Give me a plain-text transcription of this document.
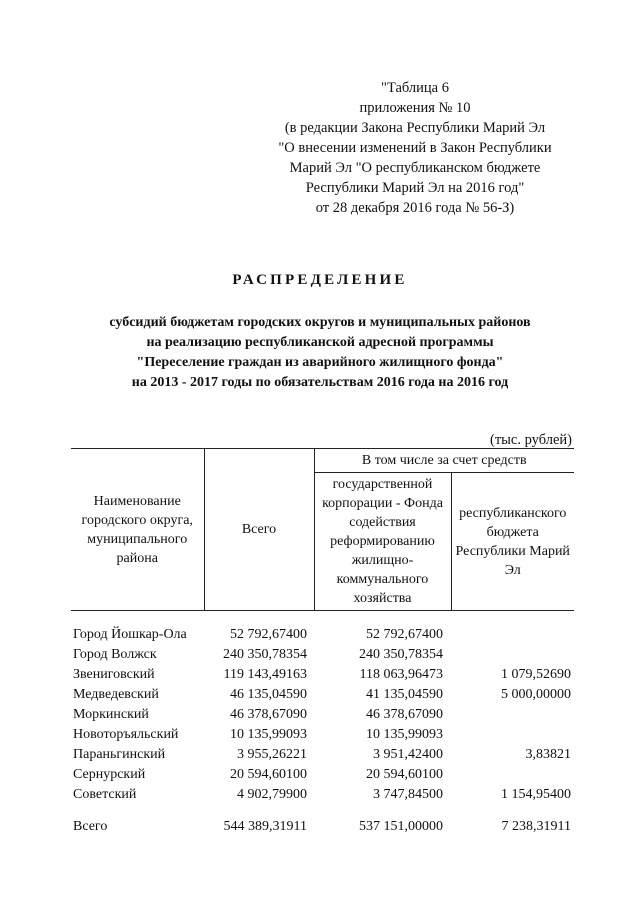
"Таблица 6
приложения № 10
(в редакции Закона Республики Марий Эл
"О внесении изменений в Закон Республики
Марий Эл "О республиканском бюджете
Республики Марий Эл на 2016 год"
от 28 декабря 2016 года № 56-З)
РАСПРЕДЕЛЕНИЕ
субсидий бюджетам городских округов и муниципальных районов
на реализацию республиканской адресной программы
"Переселение граждан из аварийного жилищного фонда"
на 2013 - 2017 годы по обязательствам 2016 года на 2016 год
(тыс. рублей)
Наименование городского округа, муниципального района	Всего	В том числе за счет средств	
		государственной корпорации - Фонда содействия реформированию жилищно-коммунального хозяйства	республиканского бюджета Республики Марий Эл

Город Йошкар-Ола	52 792,67400	52 792,67400	
Город Волжск	240 350,78354	240 350,78354	
Звениговский	119 143,49163	118 063,96473	1 079,52690
Медведевский	46 135,04590	41 135,04590	5 000,00000
Моркинский	46 378,67090	46 378,67090	
Новоторъяльский	10 135,99093	10 135,99093	
Параньгинский	3 955,26221	3 951,42400	3,83821
Сернурский	20 594,60100	20 594,60100	
Советский	4 902,79900	3 747,84500	1 154,95400

Всего	544 389,31911	537 151,00000	7 238,31911
